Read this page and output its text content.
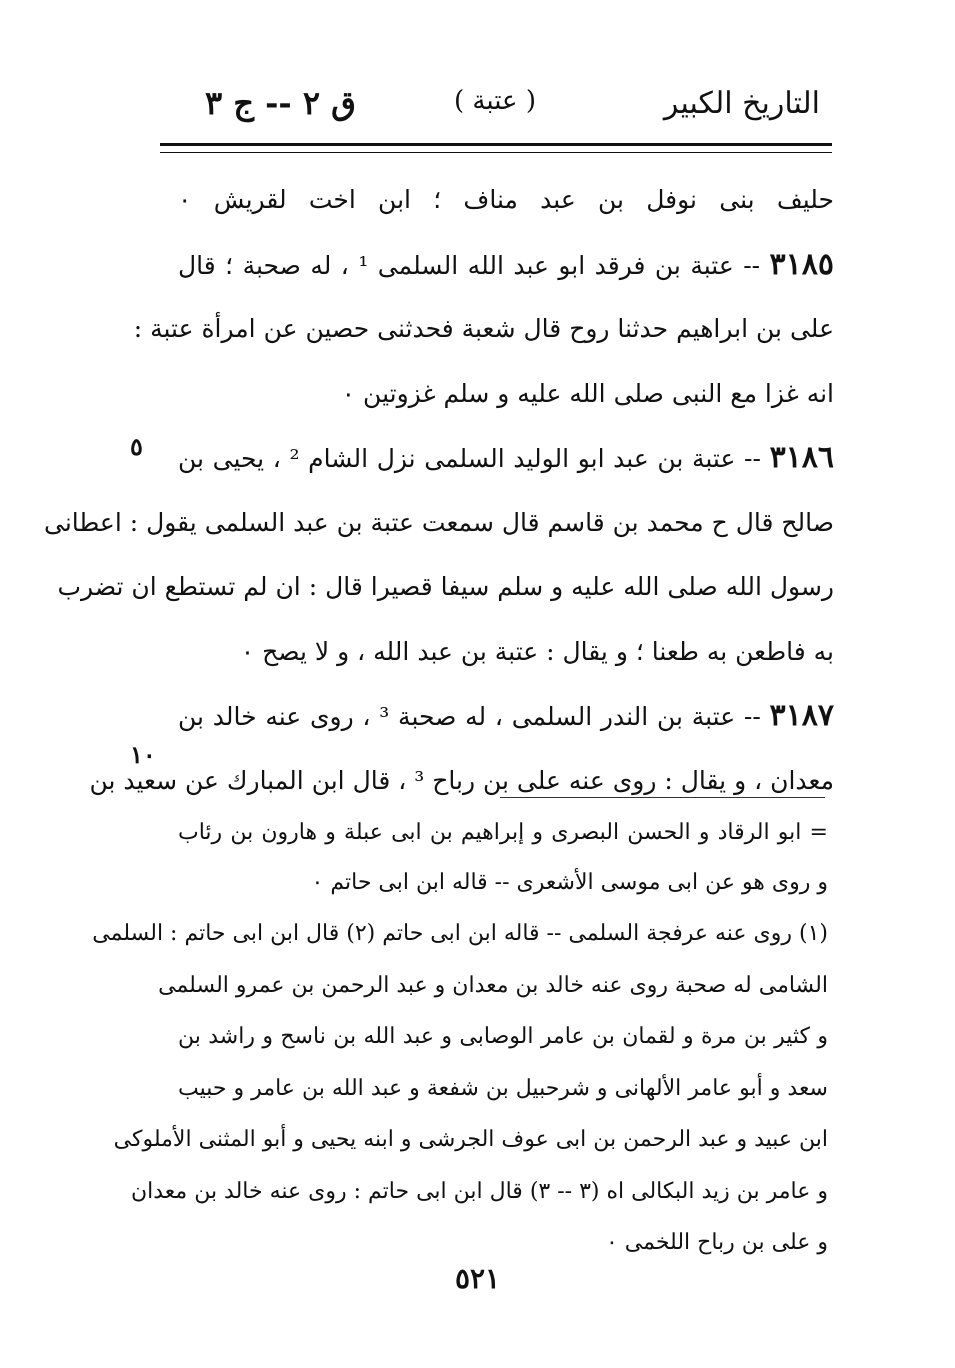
التاريخ الكبير
( عتبة )
ق ٢ -- ج ٣
حليف بنى نوفل بن عبد مناف ؛ ابن اخت لقريش ٠
٣١٨٥ -- عتبة بن فرقد ابو عبد الله السلمى ¹ ، له صحبة ؛ قال
على بن ابراهيم حدثنا روح قال شعبة فحدثنى حصين عن امرأة عتبة :
انه غزا مع النبى صلى الله عليه و سلم غزوتين ٠
٣١٨٦ -- عتبة بن عبد ابو الوليد السلمى نزل الشام ² ، يحيى بن
صالح قال ح محمد بن قاسم قال سمعت عتبة بن عبد السلمى يقول : اعطانى
رسول الله صلى الله عليه و سلم سيفا قصيرا قال : ان لم تستطع ان تضرب
به فاطعن به طعنا ؛ و يقال : عتبة بن عبد الله ، و لا يصح ٠
٣١٨٧ -- عتبة بن الندر السلمى ، له صحبة ³ ، روى عنه خالد بن
معدان ، و يقال : روى عنه على بن رباح ³ ، قال ابن المبارك عن سعيد بن
٥
١٠
= ابو الرقاد و الحسن البصرى و إبراهيم بن ابى عبلة و هارون بن رئاب
و روى هو عن ابى موسى الأشعرى -- قاله ابن ابى حاتم ٠
(١) روى عنه عرفجة السلمى -- قاله ابن ابى حاتم (٢) قال ابن ابى حاتم : السلمى
الشامى له صحبة روى عنه خالد بن معدان و عبد الرحمن بن عمرو السلمى
و كثير بن مرة و لقمان بن عامر الوصابى و عبد الله بن ناسح و راشد بن
سعد و أبو عامر الألهانى و شرحبيل بن شفعة و عبد الله بن عامر و حبيب
ابن عبيد و عبد الرحمن بن ابى عوف الجرشى و ابنه يحيى و أبو المثنى الأملوكى
و عامر بن زيد البكالى اه (٣ -- ٣) قال ابن ابى حاتم : روى عنه خالد بن معدان
و على بن رباح اللخمى ٠
٥٢١
